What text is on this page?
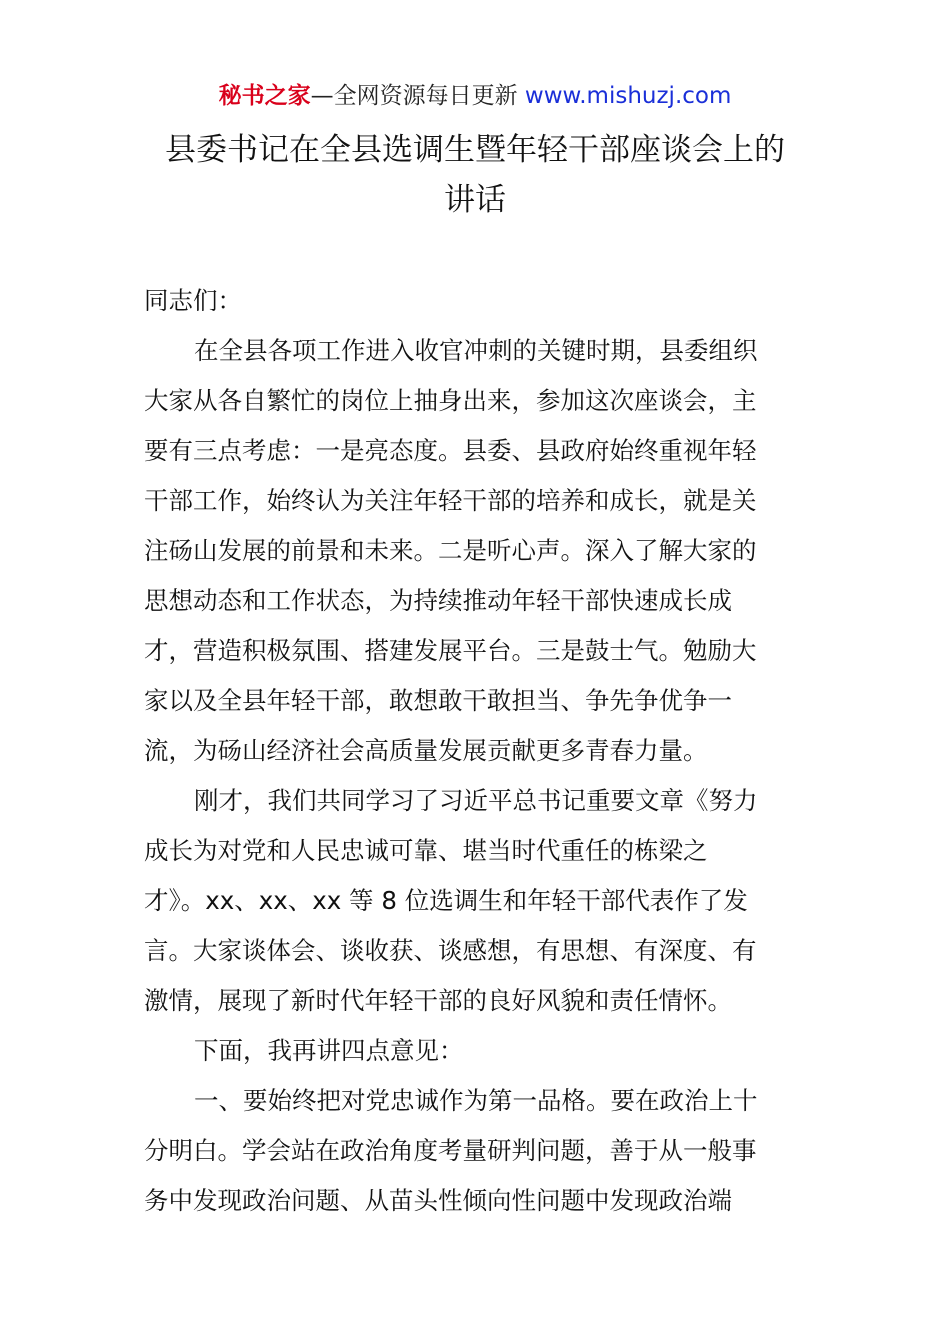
秘书之家—全网资源每日更新 www.mishuzj.com
县委书记在全县选调生暨年轻干部座谈会上的
讲话
同志们：
在全县各项工作进入收官冲刺的关键时期，县委组织
大家从各自繁忙的岗位上抽身出来，参加这次座谈会，主
要有三点考虑：一是亮态度。县委、县政府始终重视年轻
干部工作，始终认为关注年轻干部的培养和成长，就是关
注砀山发展的前景和未来。二是听心声。深入了解大家的
思想动态和工作状态，为持续推动年轻干部快速成长成
才，营造积极氛围、搭建发展平台。三是鼓士气。勉励大
家以及全县年轻干部，敢想敢干敢担当、争先争优争一
流，为砀山经济社会高质量发展贡献更多青春力量。
刚才，我们共同学习了习近平总书记重要文章《努力
成长为对党和人民忠诚可靠、堪当时代重任的栋梁之
才》。xx、xx、xx 等 8 位选调生和年轻干部代表作了发
言。大家谈体会、谈收获、谈感想，有思想、有深度、有
激情，展现了新时代年轻干部的良好风貌和责任情怀。
下面，我再讲四点意见：
一、要始终把对党忠诚作为第一品格。要在政治上十
分明白。学会站在政治角度考量研判问题，善于从一般事
务中发现政治问题、从苗头性倾向性问题中发现政治端
